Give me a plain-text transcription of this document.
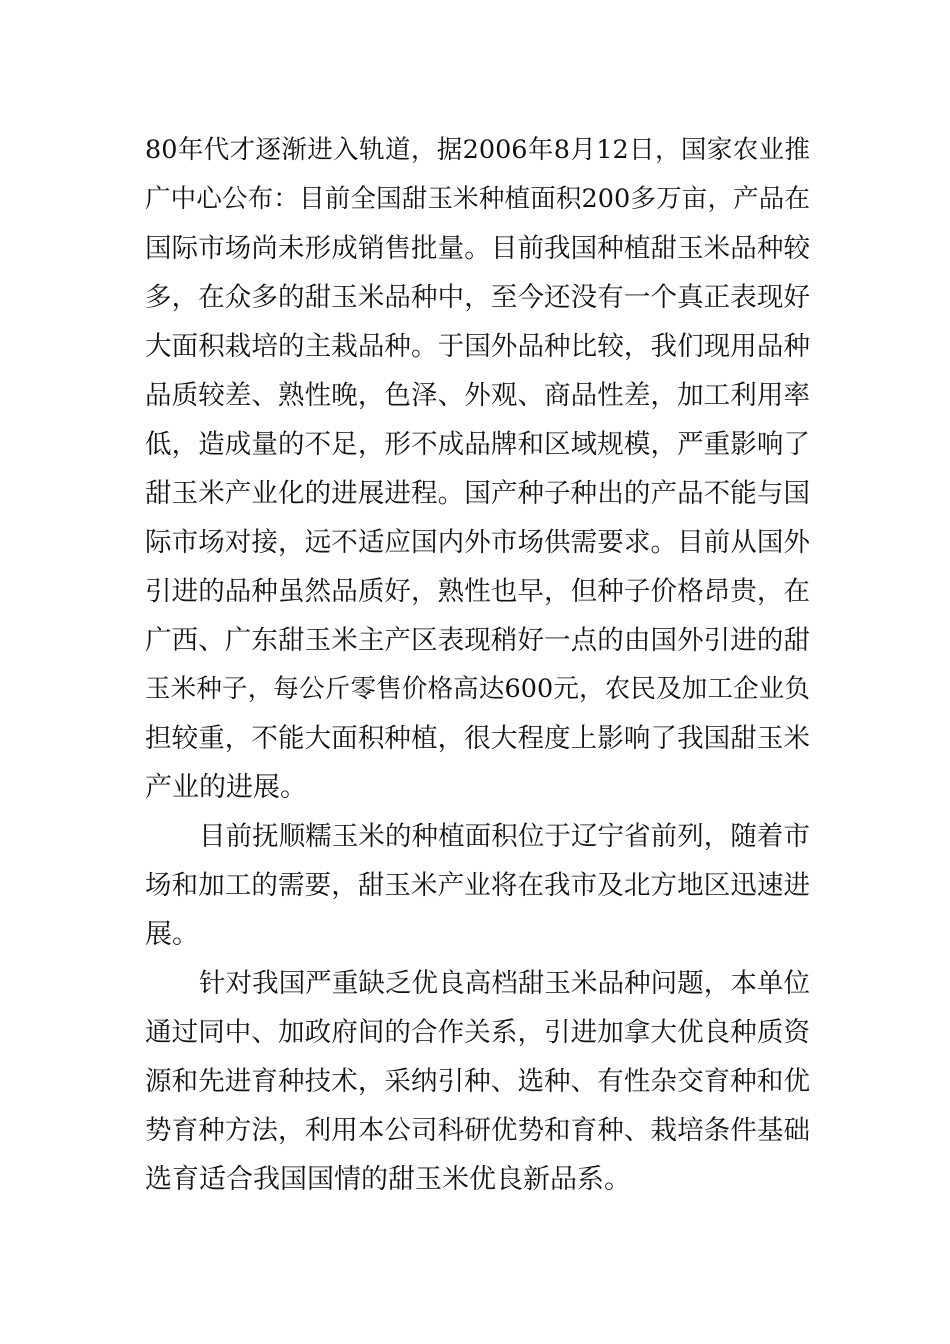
80年代才逐渐进入轨道，据2006年8月12日，国家农业推
广中心公布：目前全国甜玉米种植面积200多万亩，产品在
国际市场尚未形成销售批量。目前我国种植甜玉米品种较
多，在众多的甜玉米品种中，至今还没有一个真正表现好
大面积栽培的主栽品种。于国外品种比较，我们现用品种
品质较差、熟性晚，色泽、外观、商品性差，加工利用率
低，造成量的不足，形不成品牌和区域规模，严重影响了
甜玉米产业化的进展进程。国产种子种出的产品不能与国
际市场对接，远不适应国内外市场供需要求。目前从国外
引进的品种虽然品质好，熟性也早，但种子价格昂贵，在
广西、广东甜玉米主产区表现稍好一点的由国外引进的甜
玉米种子，每公斤零售价格高达600元，农民及加工企业负
担较重，不能大面积种植，很大程度上影响了我国甜玉米
产业的进展。
目前抚顺糯玉米的种植面积位于辽宁省前列，随着市
场和加工的需要，甜玉米产业将在我市及北方地区迅速进
展。
针对我国严重缺乏优良高档甜玉米品种问题，本单位
通过同中、加政府间的合作关系，引进加拿大优良种质资
源和先进育种技术，采纳引种、选种、有性杂交育种和优
势育种方法，利用本公司科研优势和育种、栽培条件基础
选育适合我国国情的甜玉米优良新品系。
